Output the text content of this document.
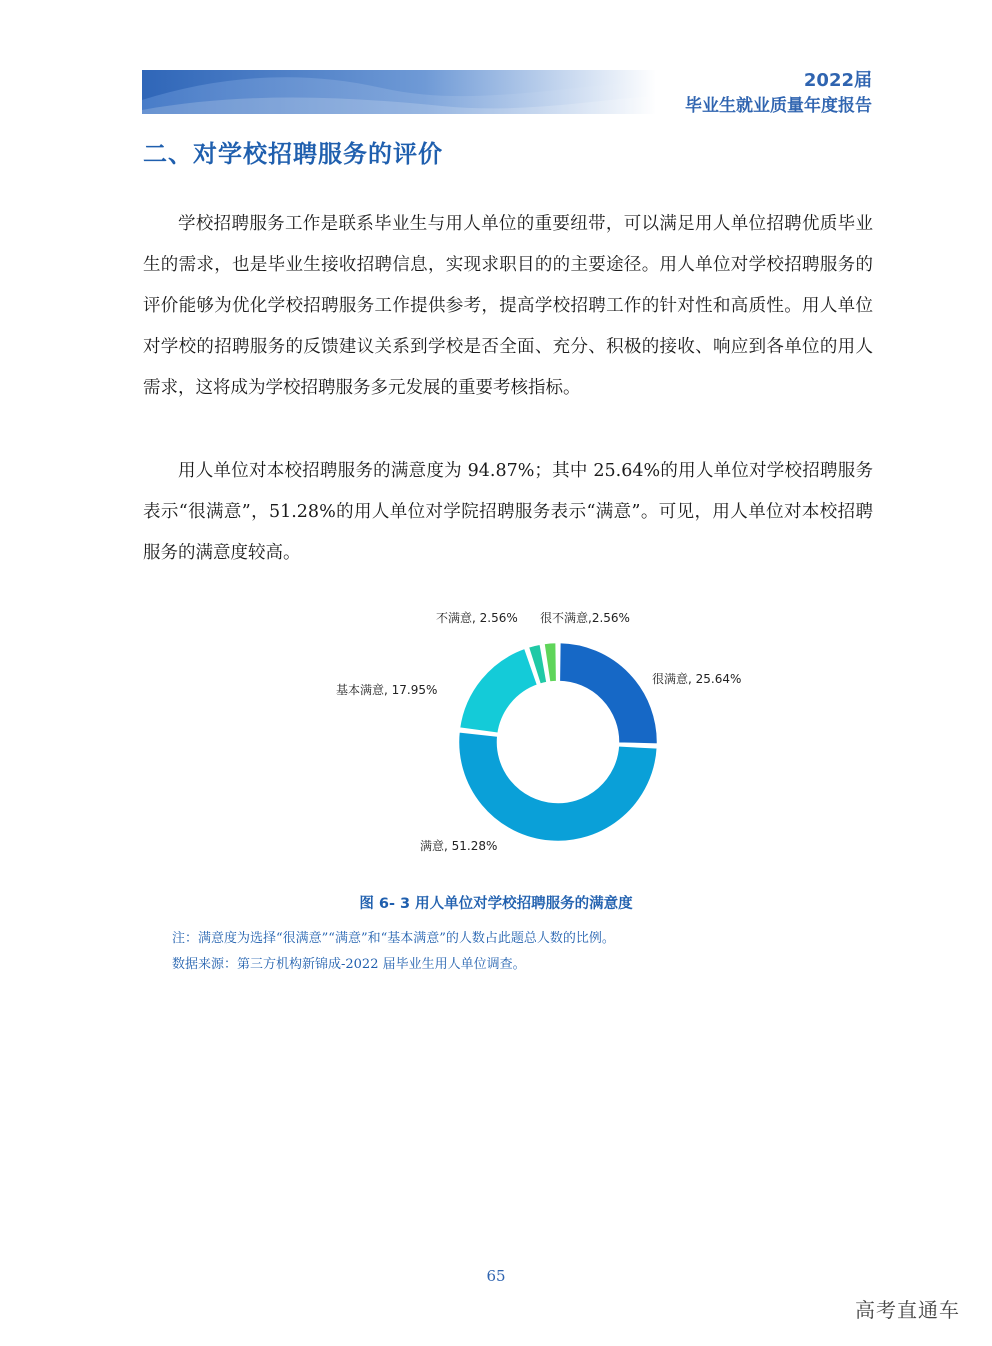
2022届
毕业生就业质量年度报告
二、对学校招聘服务的评价

学校招聘服务工作是联系毕业生与用人单位的重要纽带，可以满足用人单位招聘优质毕业生的需求，也是毕业生接收招聘信息，实现求职目的的主要途径。用人单位对学校招聘服务的评价能够为优化学校招聘服务工作提供参考，提高学校招聘工作的针对性和高质性。用人单位对学校的招聘服务的反馈建议关系到学校是否全面、充分、积极的接收、响应到各单位的用人需求，这将成为学校招聘服务多元发展的重要考核指标。

用人单位对本校招聘服务的满意度为 94.87%；其中 25.64%的用人单位对学校招聘服务表示“很满意”，51.28%的用人单位对学院招聘服务表示“满意”。可见，用人单位对本校招聘服务的满意度较高。

很满意, 25.64%
满意, 51.28%
基本满意, 17.95%
不满意, 2.56% 很不满意,2.56%
图 6- 3 用人单位对学校招聘服务的满意度
注：满意度为选择“很满意”“满意”和“基本满意”的人数占此题总人数的比例。
数据来源：第三方机构新锦成-2022 届毕业生用人单位调查。
65
高考直通车
